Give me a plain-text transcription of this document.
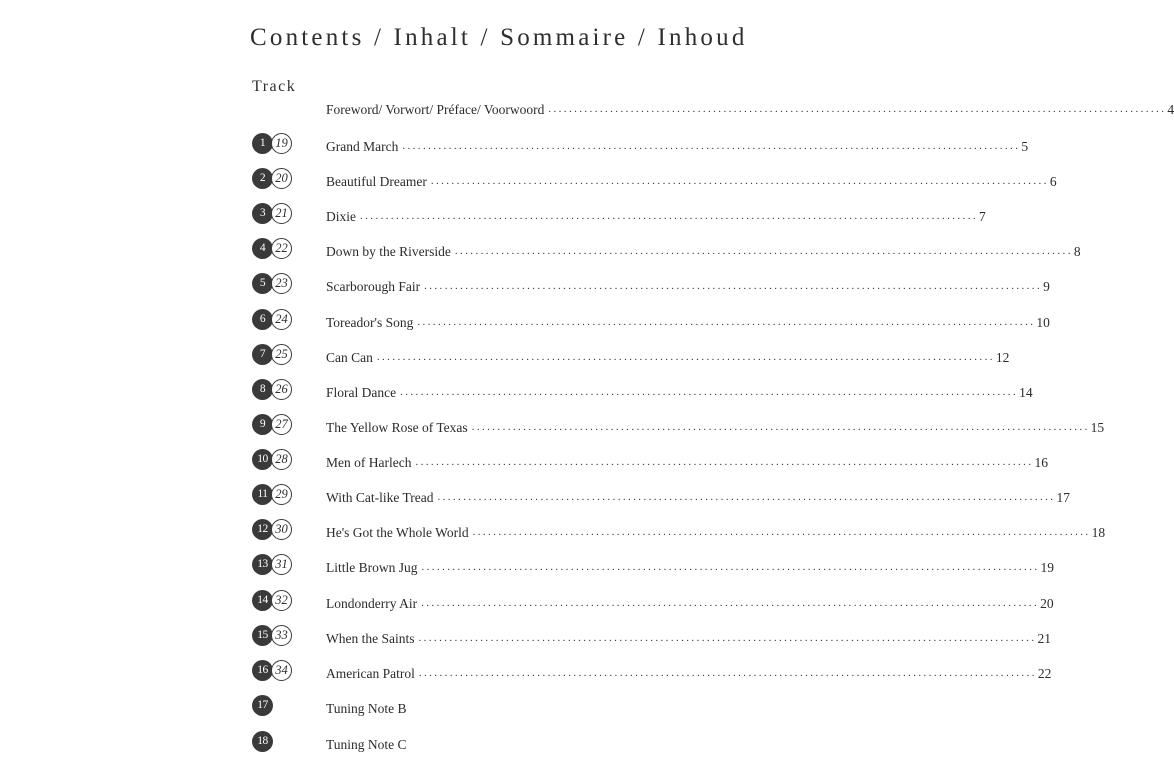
Contents / Inhalt / Sommaire / Inhoud
Track
Foreword/ Vorwort/ Préface/ Voorwoord ........................................................................................................................ 4
1 19	Grand March ........................................................................................................................ 5
2 20	Beautiful Dreamer ........................................................................................................................ 6
3 21	Dixie ........................................................................................................................ 7
4 22	Down by the Riverside ........................................................................................................................ 8
5 23	Scarborough Fair ........................................................................................................................ 9
6 24	Toreador's Song ........................................................................................................................ 10
7 25	Can Can ........................................................................................................................ 12
8 26	Floral Dance ........................................................................................................................ 14
9 27	The Yellow Rose of Texas ........................................................................................................................ 15
10 28	Men of Harlech ........................................................................................................................ 16
11 29	With Cat-like Tread ........................................................................................................................ 17
12 30	He's Got the Whole World ........................................................................................................................ 18
13 31	Little Brown Jug ........................................................................................................................ 19
14 32	Londonderry Air ........................................................................................................................ 20
15 33	When the Saints ........................................................................................................................ 21
16 34	American Patrol ........................................................................................................................ 22
17	Tuning Note B
18	Tuning Note C
